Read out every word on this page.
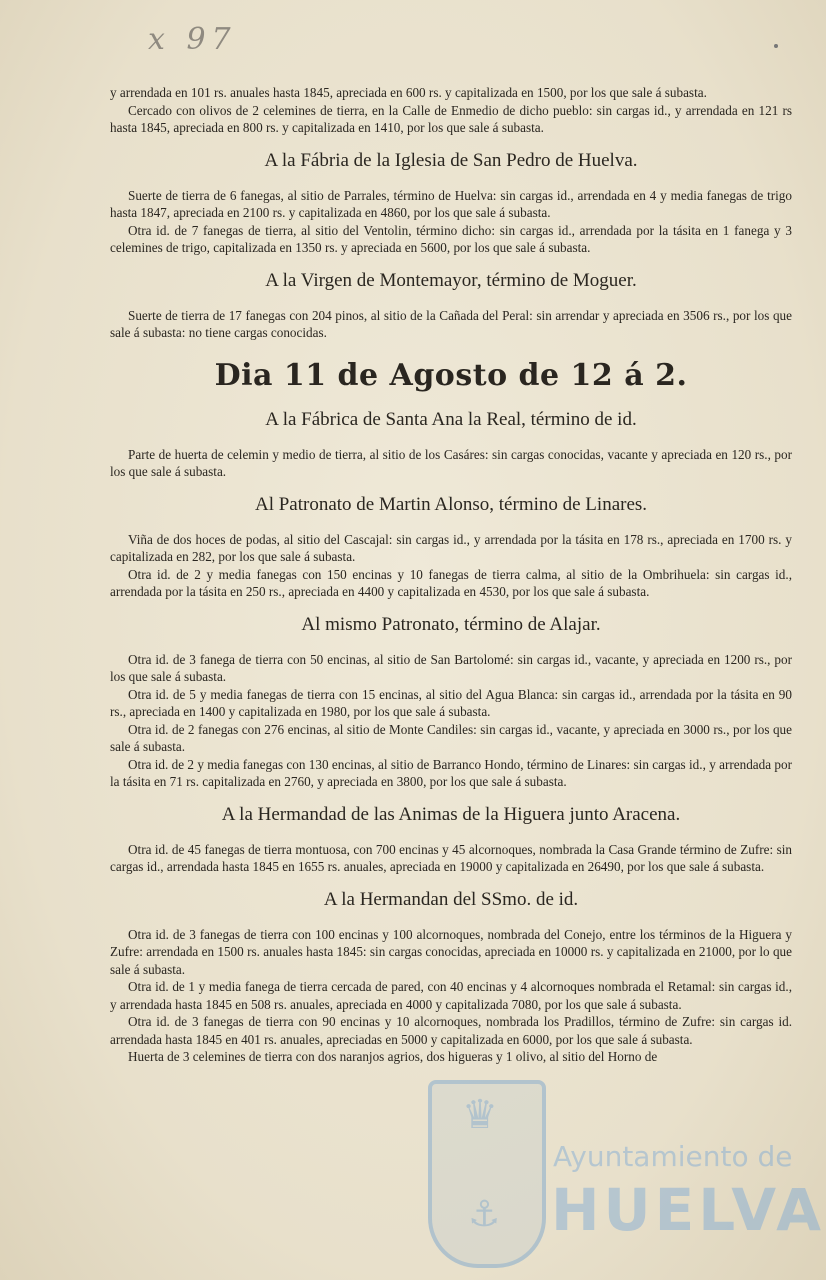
x 97

y arrendada en 101 rs. anuales hasta 1845, apreciada en 600 rs. y capitalizada en 1500, por los que sale á subasta.

Cercado con olivos de 2 celemines de tierra, en la Calle de Enmedio de dicho pueblo: sin cargas id., y arrendada en 121 rs hasta 1845, apreciada en 800 rs. y capitalizada en 1410, por los que sale á subasta.

A la Fábria de la Iglesia de San Pedro de Huelva.

Suerte de tierra de 6 fanegas, al sitio de Parrales, término de Huelva: sin cargas id., arrendada en 4 y media fanegas de trigo hasta 1847, apreciada en 2100 rs. y capitalizada en 4860, por los que sale á subasta.

Otra id. de 7 fanegas de tierra, al sitio del Ventolin, término dicho: sin cargas id., arrendada por la tásita en 1 fanega y 3 celemines de trigo, capitalizada en 1350 rs. y apreciada en 5600, por los que sale á subasta.

A la Virgen de Montemayor, término de Moguer.

Suerte de tierra de 17 fanegas con 204 pinos, al sitio de la Cañada del Peral: sin arrendar y apreciada en 3506 rs., por los que sale á subasta: no tiene cargas conocidas.

Dia 11 de Agosto de 12 á 2.
A la Fábrica de Santa Ana la Real, término de id.

Parte de huerta de celemin y medio de tierra, al sitio de los Casáres: sin cargas conocidas, vacante y apreciada en 120 rs., por los que sale á subasta.

Al Patronato de Martin Alonso, término de Linares.

Viña de dos hoces de podas, al sitio del Cascajal: sin cargas id., y arrendada por la tásita en 178 rs., apreciada en 1700 rs. y capitalizada en 282, por los que sale á subasta.

Otra id. de 2 y media fanegas con 150 encinas y 10 fanegas de tierra calma, al sitio de la Ombrihuela: sin cargas id., arrendada por la tásita en 250 rs., apreciada en 4400 y capitalizada en 4530, por los que sale á subasta.

Al mismo Patronato, término de Alajar.

Otra id. de 3 fanega de tierra con 50 encinas, al sitio de San Bartolomé: sin cargas id., vacante, y apreciada en 1200 rs., por los que sale á subasta.

Otra id. de 5 y media fanegas de tierra con 15 encinas, al sitio del Agua Blanca: sin cargas id., arrendada por la tásita en 90 rs., apreciada en 1400 y capitalizada en 1980, por los que sale á subasta.

Otra id. de 2 fanegas con 276 encinas, al sitio de Monte Candiles: sin cargas id., vacante, y apreciada en 3000 rs., por los que sale á subasta.

Otra id. de 2 y media fanegas con 130 encinas, al sitio de Barranco Hondo, término de Linares: sin cargas id., y arrendada por la tásita en 71 rs. capitalizada en 2760, y apreciada en 3800, por los que sale á subasta.

A la Hermandad de las Animas de la Higuera junto Aracena.

Otra id. de 45 fanegas de tierra montuosa, con 700 encinas y 45 alcornoques, nombrada la Casa Grande término de Zufre: sin cargas id., arrendada hasta 1845 en 1655 rs. anuales, apreciada en 19000 y capitalizada en 26490, por los que sale á subasta.

A la Hermandan del SSmo. de id.

Otra id. de 3 fanegas de tierra con 100 encinas y 100 alcornoques, nombrada del Conejo, entre los términos de la Higuera y Zufre: arrendada en 1500 rs. anuales hasta 1845: sin cargas conocidas, apreciada en 10000 rs. y capitalizada en 21000, por lo que sale á subasta.

Otra id. de 1 y media fanega de tierra cercada de pared, con 40 encinas y 4 alcornoques nombrada el Retamal: sin cargas id., y arrendada hasta 1845 en 508 rs. anuales, apreciada en 4000 y capitalizada 7080, por los que sale á subasta.

Otra id. de 3 fanegas de tierra con 90 encinas y 10 alcornoques, nombrada los Pradillos, término de Zufre: sin cargas id. arrendada hasta 1845 en 401 rs. anuales, apreciadas en 5000 y capitalizada en 6000, por los que sale á subasta.

Huerta de 3 celemines de tierra con dos naranjos agrios, dos higueras y 1 olivo, al sitio del Horno de

♛
⚓
Ayuntamiento de
HUELVA
